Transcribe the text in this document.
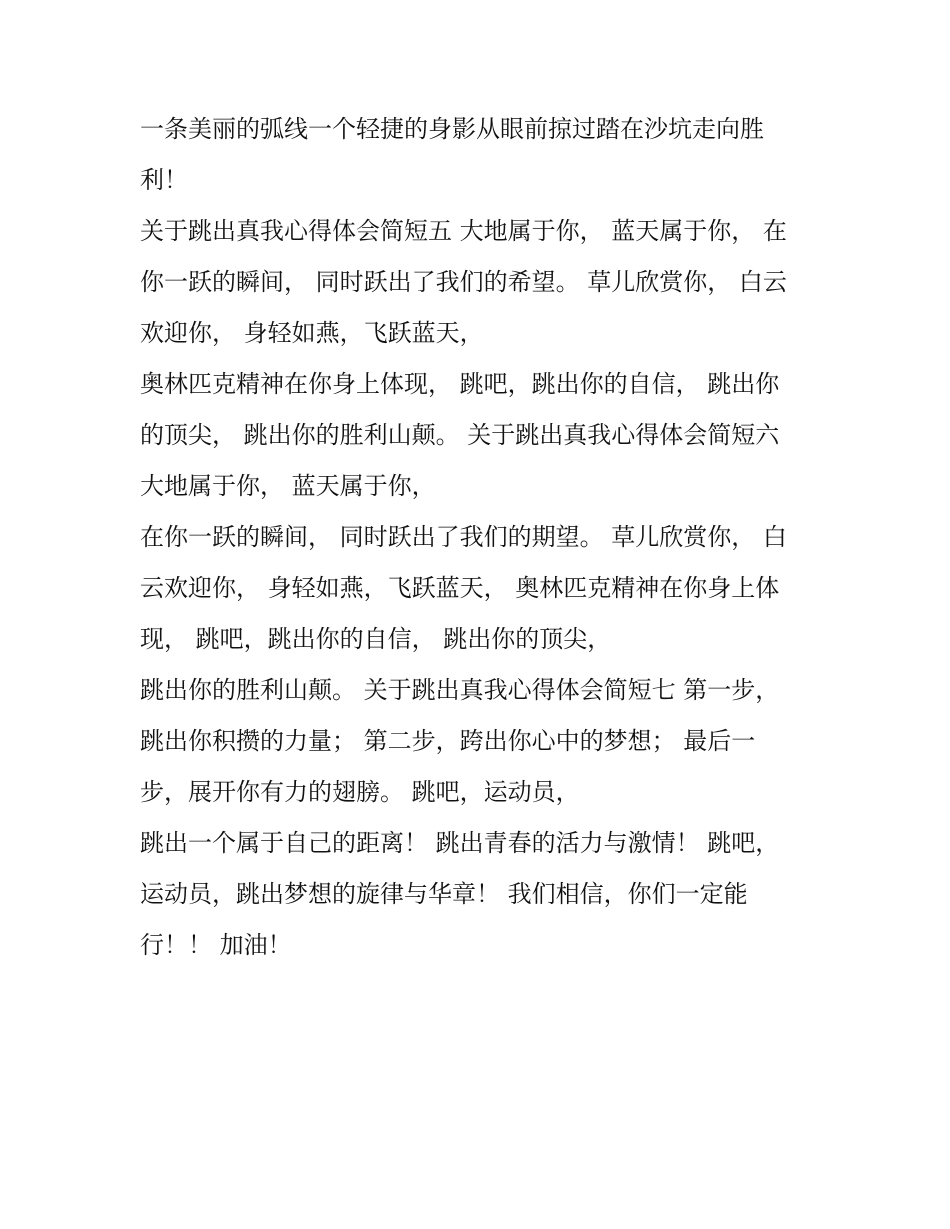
一条美丽的弧线一个轻捷的身影从眼前掠过踏在沙坑走向胜
利！
关于跳出真我心得体会简短五 大地属于你， 蓝天属于你， 在
你一跃的瞬间， 同时跃出了我们的希望。 草儿欣赏你， 白云
欢迎你， 身轻如燕，飞跃蓝天，
奥林匹克精神在你身上体现， 跳吧，跳出你的自信， 跳出你
的顶尖， 跳出你的胜利山颠。 关于跳出真我心得体会简短六
大地属于你， 蓝天属于你，
在你一跃的瞬间， 同时跃出了我们的期望。 草儿欣赏你， 白
云欢迎你， 身轻如燕，飞跃蓝天， 奥林匹克精神在你身上体
现， 跳吧，跳出你的自信， 跳出你的顶尖，
跳出你的胜利山颠。 关于跳出真我心得体会简短七 第一步，
跳出你积攒的力量； 第二步，跨出你心中的梦想； 最后一
步，展开你有力的翅膀。 跳吧，运动员，
跳出一个属于自己的距离！ 跳出青春的活力与激情！ 跳吧，
运动员，跳出梦想的旋律与华章！ 我们相信，你们一定能
行！！ 加油！
